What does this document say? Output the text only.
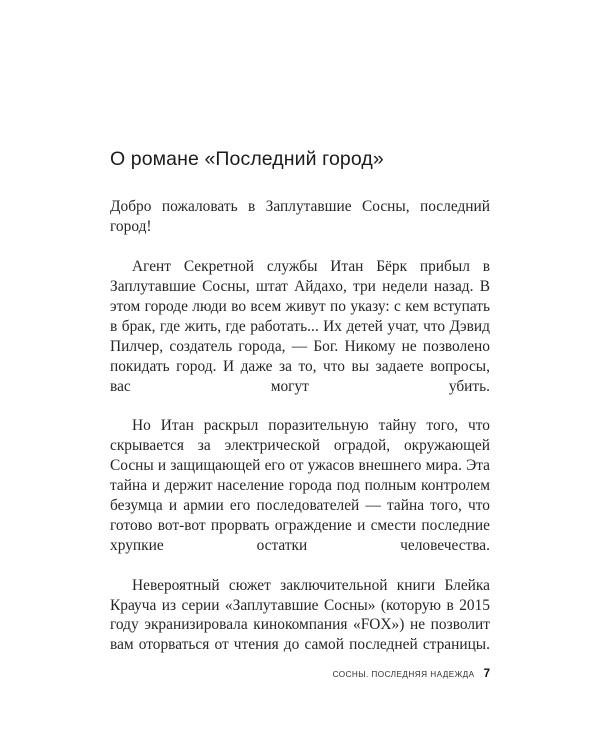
О романе «Последний город»

Добро пожаловать в Заплутавшие Сосны, последний город!

Агент Секретной службы Итан Бёрк прибыл в Заплутавшие Сосны, штат Айдахо, три недели назад. В этом городе люди во всем живут по указу: с кем вступать в брак, где жить, где работать... Их детей учат, что Дэвид Пилчер, создатель города, — Бог. Никому не позволено покидать город. И даже за то, что вы задаете вопросы, вас могут убить.

Но Итан раскрыл поразительную тайну того, что скрывается за электрической оградой, окружающей Сосны и защищающей его от ужасов внешнего мира. Эта тайна и держит население города под полным контролем безумца и армии его последователей — тайна того, что готово вот-вот прорвать ограждение и смести последние хрупкие остатки человечества.

Невероятный сюжет заключительной книги Блейка Крауча из серии «Заплутавшие Сосны» (которую в 2015 году экранизировала кинокомпания «FOX») не позволит вам оторваться от чтения до самой последней страницы.

СОСНЫ. ПОСЛЕДНЯЯ НАДЕЖДА 7
